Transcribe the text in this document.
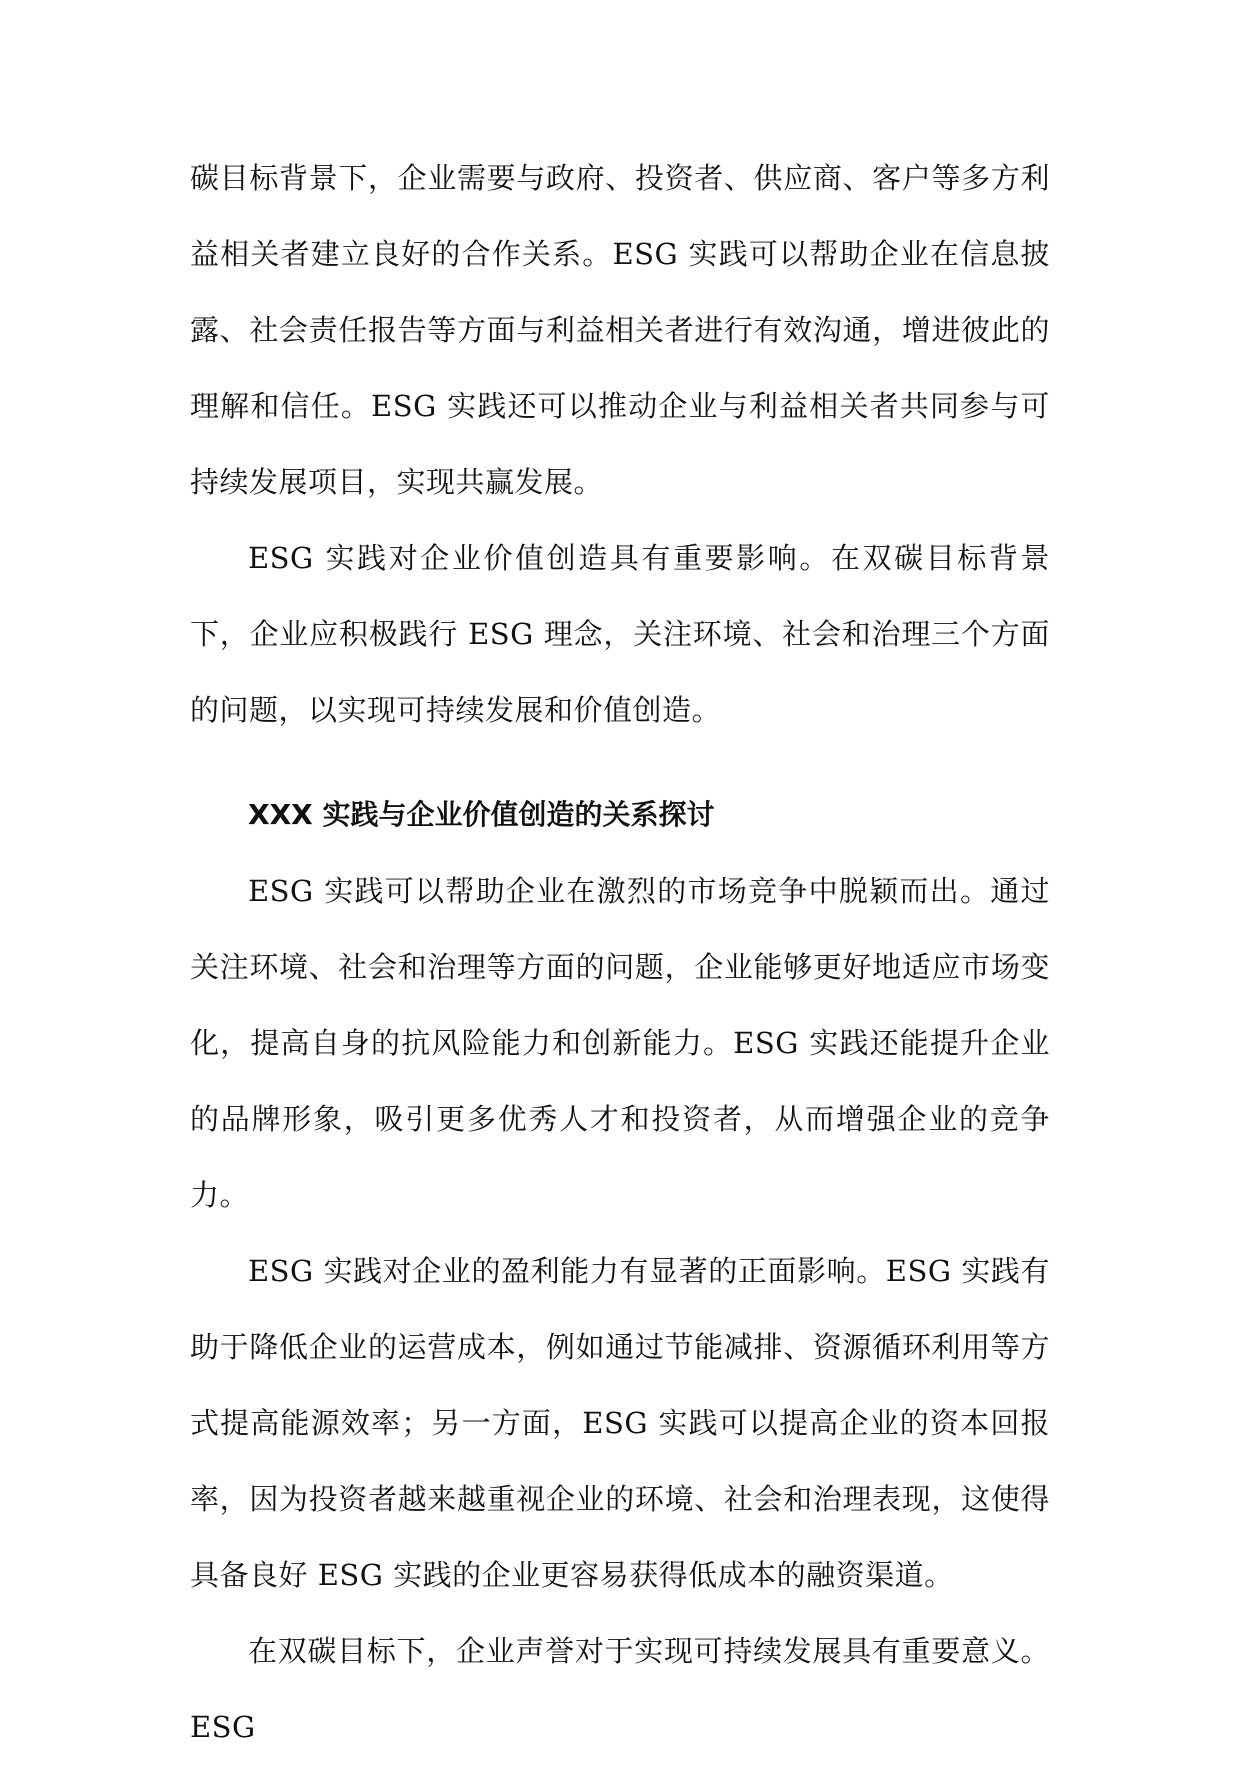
碳目标背景下，企业需要与政府、投资者、供应商、客户等多方利益相关者建立良好的合作关系。ESG 实践可以帮助企业在信息披露、社会责任报告等方面与利益相关者进行有效沟通，增进彼此的理解和信任。ESG 实践还可以推动企业与利益相关者共同参与可持续发展项目，实现共赢发展。

ESG 实践对企业价值创造具有重要影响。在双碳目标背景下，企业应积极践行 ESG 理念，关注环境、社会和治理三个方面的问题，以实现可持续发展和价值创造。

XXX 实践与企业价值创造的关系探讨

ESG 实践可以帮助企业在激烈的市场竞争中脱颖而出。通过关注环境、社会和治理等方面的问题，企业能够更好地适应市场变化，提高自身的抗风险能力和创新能力。ESG 实践还能提升企业的品牌形象，吸引更多优秀人才和投资者，从而增强企业的竞争力。

ESG 实践对企业的盈利能力有显著的正面影响。ESG 实践有助于降低企业的运营成本，例如通过节能减排、资源循环利用等方式提高能源效率；另一方面，ESG 实践可以提高企业的资本回报率，因为投资者越来越重视企业的环境、社会和治理表现，这使得具备良好 ESG 实践的企业更容易获得低成本的融资渠道。

在双碳目标下，企业声誉对于实现可持续发展具有重要意义。ESG
